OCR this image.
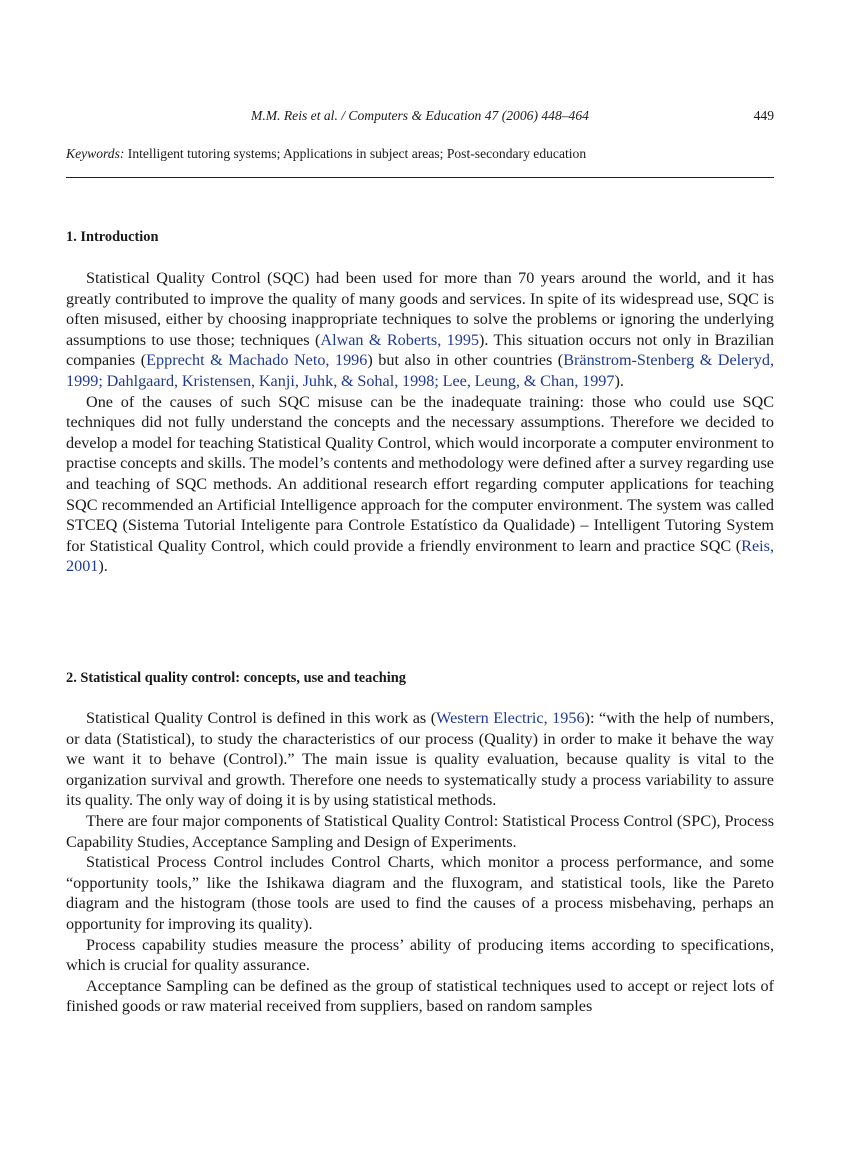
M.M. Reis et al. / Computers & Education 47 (2006) 448–464	449
Keywords: Intelligent tutoring systems; Applications in subject areas; Post-secondary education
1. Introduction

Statistical Quality Control (SQC) had been used for more than 70 years around the world, and it has greatly contributed to improve the quality of many goods and services. In spite of its widespread use, SQC is often misused, either by choosing inappropriate techniques to solve the problems or ignoring the underlying assumptions to use those; techniques (Alwan & Roberts, 1995). This situation occurs not only in Brazilian companies (Epprecht & Machado Neto, 1996) but also in other countries (Bränstrom-Stenberg & Deleryd, 1999; Dahlgaard, Kristensen, Kanji, Juhk, & Sohal, 1998; Lee, Leung, & Chan, 1997).

One of the causes of such SQC misuse can be the inadequate training: those who could use SQC techniques did not fully understand the concepts and the necessary assumptions. Therefore we decided to develop a model for teaching Statistical Quality Control, which would incorporate a computer environment to practise concepts and skills. The model’s contents and methodology were defined after a survey regarding use and teaching of SQC methods. An additional research effort regarding computer applications for teaching SQC recommended an Artificial Intelligence approach for the computer environment. The system was called STCEQ (Sistema Tutorial Inteligente para Controle Estatístico da Qualidade) – Intelligent Tutoring System for Statistical Quality Control, which could provide a friendly environment to learn and practice SQC (Reis, 2001).

2. Statistical quality control: concepts, use and teaching

Statistical Quality Control is defined in this work as (Western Electric, 1956): “with the help of numbers, or data (Statistical), to study the characteristics of our process (Quality) in order to make it behave the way we want it to behave (Control).” The main issue is quality evaluation, because quality is vital to the organization survival and growth. Therefore one needs to systematically study a process variability to assure its quality. The only way of doing it is by using statistical methods.

There are four major components of Statistical Quality Control: Statistical Process Control (SPC), Process Capability Studies, Acceptance Sampling and Design of Experiments.

Statistical Process Control includes Control Charts, which monitor a process performance, and some “opportunity tools,” like the Ishikawa diagram and the fluxogram, and statistical tools, like the Pareto diagram and the histogram (those tools are used to find the causes of a process misbehaving, perhaps an opportunity for improving its quality).

Process capability studies measure the process’ ability of producing items according to specifications, which is crucial for quality assurance.

Acceptance Sampling can be defined as the group of statistical techniques used to accept or reject lots of finished goods or raw material received from suppliers, based on random samples
